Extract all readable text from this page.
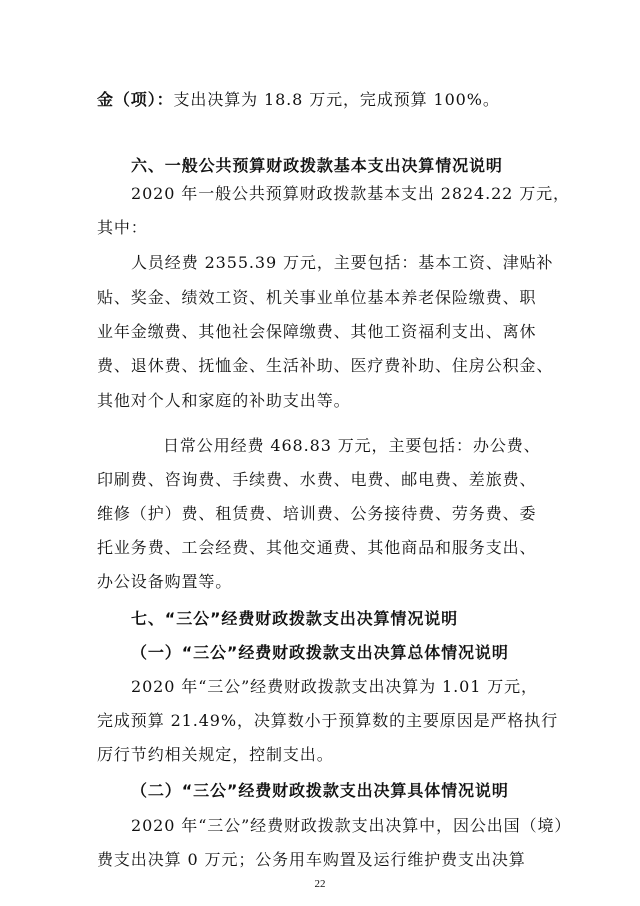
金（项）：支出决算为 18.8 万元，完成预算 100%。
六、一般公共预算财政拨款基本支出决算情况说明
2020 年一般公共预算财政拨款基本支出 2824.22 万元，
其中：
人员经费 2355.39 万元，主要包括：基本工资、津贴补
贴、奖金、绩效工资、机关事业单位基本养老保险缴费、职
业年金缴费、其他社会保障缴费、其他工资福利支出、离休
费、退休费、抚恤金、生活补助、医疗费补助、住房公积金、
其他对个人和家庭的补助支出等。
日常公用经费 468.83 万元，主要包括：办公费、
印刷费、咨询费、手续费、水费、电费、邮电费、差旅费、
维修（护）费、租赁费、培训费、公务接待费、劳务费、委
托业务费、工会经费、其他交通费、其他商品和服务支出、
办公设备购置等。
七、“三公”经费财政拨款支出决算情况说明
（一）“三公”经费财政拨款支出决算总体情况说明
2020 年“三公”经费财政拨款支出决算为 1.01 万元，
完成预算 21.49%，决算数小于预算数的主要原因是严格执行
厉行节约相关规定，控制支出。
（二）“三公”经费财政拨款支出决算具体情况说明
2020 年“三公”经费财政拨款支出决算中，因公出国（境）
费支出决算 0 万元；公务用车购置及运行维护费支出决算
22
